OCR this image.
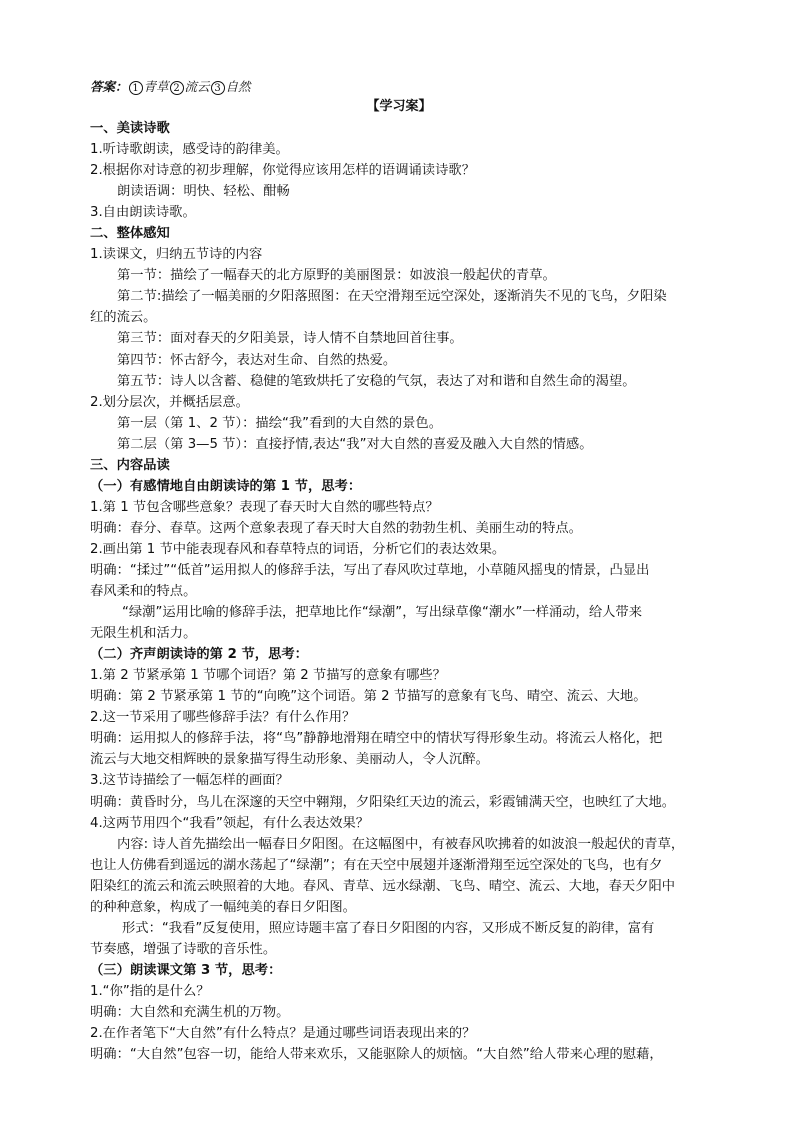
答案： 1 青草 2 流云 3 自然
【学习案】
一、美读诗歌
1.听诗歌朗读，感受诗的韵律美。
2.根据你对诗意的初步理解，你觉得应该用怎样的语调诵读诗歌？
朗读语调：明快、轻松、酣畅
3.自由朗读诗歌。
二、整体感知
1.读课文，归纳五节诗的内容
第一节：描绘了一幅春天的北方原野的美丽图景：如波浪一般起伏的青草。
第二节:描绘了一幅美丽的夕阳落照图：在天空滑翔至远空深处，逐渐消失不见的飞鸟，夕阳染
红的流云。
第三节：面对春天的夕阳美景，诗人情不自禁地回首往事。
第四节：怀古舒今，表达对生命、自然的热爱。
第五节：诗人以含蓄、稳健的笔致烘托了安稳的气氛，表达了对和谐和自然生命的渴望。
2.划分层次，并概括层意。
第一层（第 1、2 节）：描绘“我”看到的大自然的景色。
第二层（第 3—5 节）：直接抒情,表达“我”对大自然的喜爱及融入大自然的情感。
三、内容品读
（一）有感情地自由朗读诗的第 1 节，思考：
1.第 1 节包含哪些意象？表现了春天时大自然的哪些特点？
明确：春分、春草。这两个意象表现了春天时大自然的勃勃生机、美丽生动的特点。
2.画出第 1 节中能表现春风和春草特点的词语，分析它们的表达效果。
明确：“揉过”“低首”运用拟人的修辞手法，写出了春风吹过草地，小草随风摇曳的情景，凸显出
春风柔和的特点。
“绿潮”运用比喻的修辞手法，把草地比作“绿潮”，写出绿草像“潮水”一样涌动，给人带来
无限生机和活力。
（二）齐声朗读诗的第 2 节，思考：
1.第 2 节紧承第 1 节哪个词语？第 2 节描写的意象有哪些？
明确：第 2 节紧承第 1 节的“向晚”这个词语。第 2 节描写的意象有飞鸟、晴空、流云、大地。
2.这一节采用了哪些修辞手法？有什么作用？
明确：运用拟人的修辞手法，将“鸟”静静地滑翔在晴空中的情状写得形象生动。将流云人格化，把
流云与大地交相辉映的景象描写得生动形象、美丽动人，令人沉醉。
3.这节诗描绘了一幅怎样的画面？
明确：黄昏时分，鸟儿在深邃的天空中翱翔，夕阳染红天边的流云，彩霞铺满天空，也映红了大地。
4.这两节用四个“我看”领起，有什么表达效果？
内容: 诗人首先描绘出一幅春日夕阳图。在这幅图中，有被春风吹拂着的如波浪一般起伏的青草，
也让人仿佛看到遥远的湖水荡起了“绿潮”；有在天空中展翅并逐渐滑翔至远空深处的飞鸟，也有夕
阳染红的流云和流云映照着的大地。春风、青草、远水绿潮、飞鸟、晴空、流云、大地，春天夕阳中
的种种意象，构成了一幅纯美的春日夕阳图。
形式：“我看”反复使用，照应诗题丰富了春日夕阳图的内容，又形成不断反复的韵律，富有
节奏感，增强了诗歌的音乐性。
（三）朗读课文第 3 节，思考：
1.“你”指的是什么？
明确：大自然和充满生机的万物。
2.在作者笔下“大自然”有什么特点？是通过哪些词语表现出来的？
明确：“大自然”包容一切，能给人带来欢乐，又能驱除人的烦恼。“大自然”给人带来心理的慰藉，
